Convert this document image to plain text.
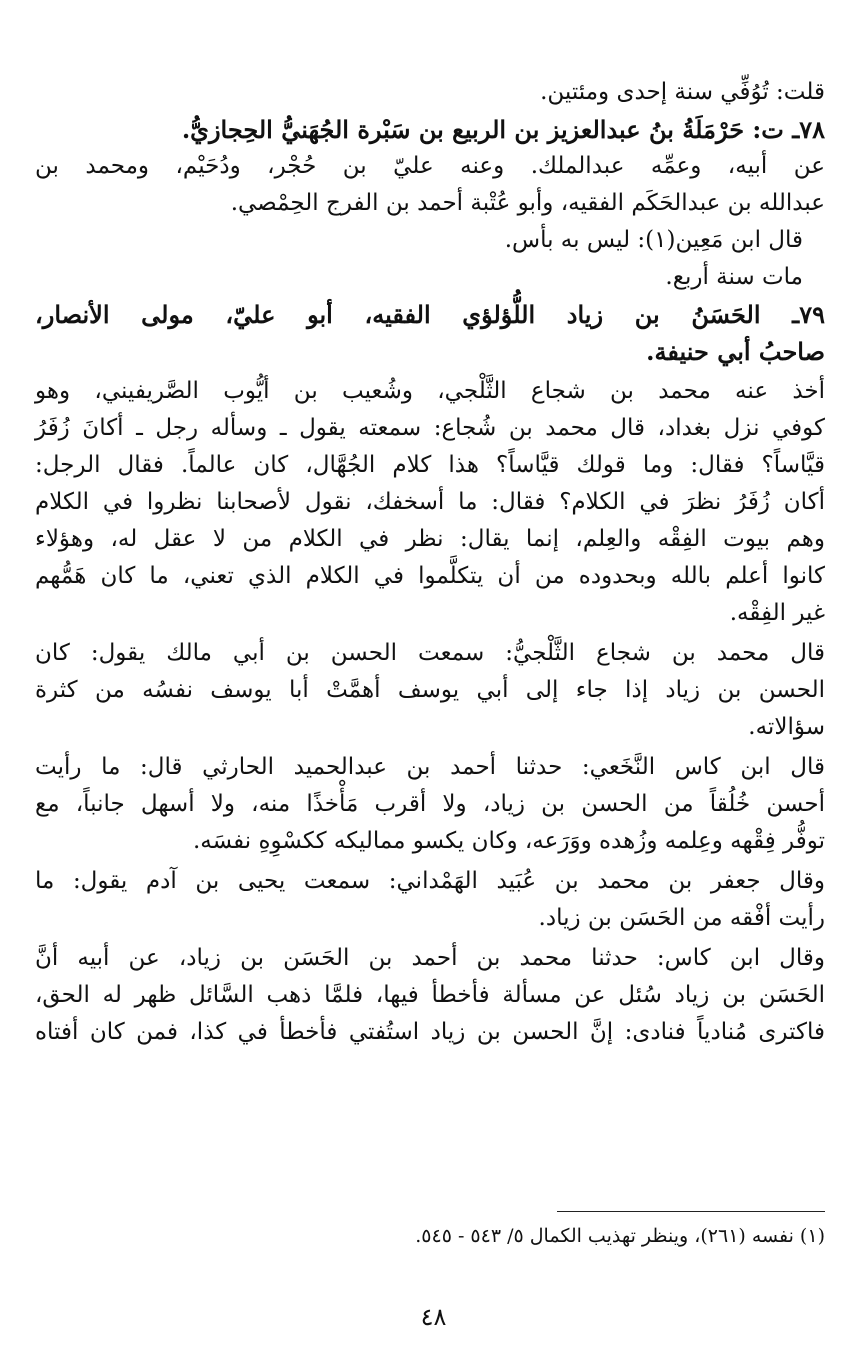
قلت: تُوُفِّي سنة إحدى ومئتين.
٧٨ـ ت: حَرْمَلَةُ بنُ عبدالعزيز بن الربيع بن سَبْرة الجُهَنيُّ الحِجازيُّ.
عن أبيه، وعمِّه عبدالملك. وعنه عليّ بن حُجْر، ودُحَيْم، ومحمد بن
عبدالله بن عبدالحَكَم الفقيه، وأبو عُتْبة أحمد بن الفرج الحِمْصي.
قال ابن مَعِين(١): ليس به بأس.
مات سنة أربع.
٧٩ـ الحَسَنُ بن زياد اللُّؤلؤي الفقيه، أبو عليّ، مولى الأنصار،
صاحبُ أبي حنيفة.
أخذ عنه محمد بن شجاع الثَّلْجي، وشُعيب بن أيُّوب الصَّريفيني، وهو
كوفي نزل بغداد، قال محمد بن شُجاع: سمعته يقول ـ وسأله رجل ـ أكانَ زُفَرُ
قيَّاساً؟ فقال: وما قولك قيَّاساً؟ هذا كلام الجُهَّال، كان عالماً. فقال الرجل:
أكان زُفَرُ نظرَ في الكلام؟ فقال: ما أسخفك، نقول لأصحابنا نظروا في الكلام
وهم بيوت الفِقْه والعِلم، إنما يقال: نظر في الكلام من لا عقل له، وهؤلاء
كانوا أعلم بالله وبحدوده من أن يتكلَّموا في الكلام الذي تعني، ما كان هَمُّهم
غير الفِقْه.
قال محمد بن شجاع الثَّلْجيُّ: سمعت الحسن بن أبي مالك يقول: كان
الحسن بن زياد إذا جاء إلى أبي يوسف أهمَّتْ أبا يوسف نفسُه من كثرة
سؤالاته.
قال ابن كاس النَّخَعي: حدثنا أحمد بن عبدالحميد الحارثي قال: ما رأيت
أحسن خُلُقاً من الحسن بن زياد، ولا أقرب مَأْخذًا منه، ولا أسهل جانباً، مع
توفُّر فِقْهه وعِلمه وزُهده ووَرَعه، وكان يكسو مماليكه ككسْوِهِ نفسَه.
وقال جعفر بن محمد بن عُبَيد الهَمْداني: سمعت يحيى بن آدم يقول: ما
رأيت أفْقه من الحَسَن بن زياد.
وقال ابن كاس: حدثنا محمد بن أحمد بن الحَسَن بن زياد، عن أبيه أنَّ
الحَسَن بن زياد سُئل عن مسألة فأخطأ فيها، فلمَّا ذهب السَّائل ظهر له الحق،
فاكترى مُنادياً فنادى: إنَّ الحسن بن زياد استُفتي فأخطأ في كذا، فمن كان أفتاه
(١) نفسه (٢٦١)، وينظر تهذيب الكمال ٥/ ٥٤٣ - ٥٤٥.
٤٨
